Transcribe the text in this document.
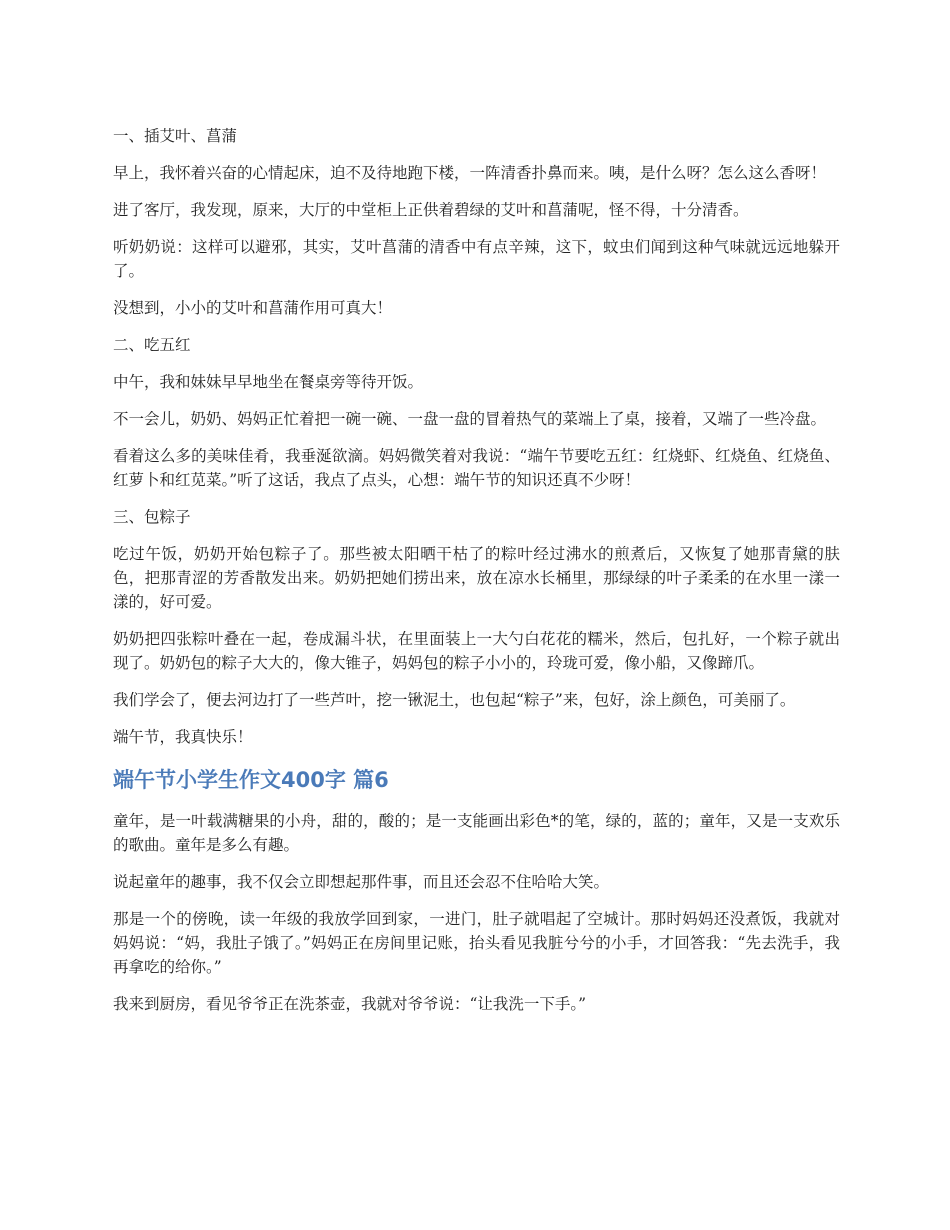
一、插艾叶、菖蒲

早上，我怀着兴奋的心情起床，迫不及待地跑下楼，一阵清香扑鼻而来。咦，是什么呀？怎么这么香呀！

进了客厅，我发现，原来，大厅的中堂柜上正供着碧绿的艾叶和菖蒲呢，怪不得，十分清香。

听奶奶说：这样可以避邪，其实，艾叶菖蒲的清香中有点辛辣，这下，蚊虫们闻到这种气味就远远地躲开了。

没想到，小小的艾叶和菖蒲作用可真大！

二、吃五红

中午，我和妹妹早早地坐在餐桌旁等待开饭。

不一会儿，奶奶、妈妈正忙着把一碗一碗、一盘一盘的冒着热气的菜端上了桌，接着，又端了一些冷盘。

看着这么多的美味佳肴，我垂涎欲滴。妈妈微笑着对我说：“端午节要吃五红：红烧虾、红烧鱼、红烧鱼、红萝卜和红苋菜。”听了这话，我点了点头，心想：端午节的知识还真不少呀！

三、包粽子

吃过午饭，奶奶开始包粽子了。那些被太阳晒干枯了的粽叶经过沸水的煎煮后，又恢复了她那青黛的肤色，把那青涩的芳香散发出来。奶奶把她们捞出来，放在凉水长桶里，那绿绿的叶子柔柔的在水里一漾一漾的，好可爱。

奶奶把四张粽叶叠在一起，卷成漏斗状，在里面装上一大勺白花花的糯米，然后，包扎好，一个粽子就出现了。奶奶包的粽子大大的，像大锥子，妈妈包的粽子小小的，玲珑可爱，像小船，又像蹄爪。

我们学会了，便去河边打了一些芦叶，挖一锹泥土，也包起“粽子”来，包好，涂上颜色，可美丽了。

端午节，我真快乐！

端午节小学生作文400字 篇6

童年，是一叶载满糖果的小舟，甜的，酸的；是一支能画出彩色*的笔，绿的，蓝的；童年，又是一支欢乐的歌曲。童年是多么有趣。

说起童年的趣事，我不仅会立即想起那件事，而且还会忍不住哈哈大笑。

那是一个的傍晚，读一年级的我放学回到家，一进门，肚子就唱起了空城计。那时妈妈还没煮饭，我就对妈妈说：“妈，我肚子饿了。”妈妈正在房间里记账，抬头看见我脏兮兮的小手，才回答我：“先去洗手，我再拿吃的给你。”

我来到厨房，看见爷爷正在洗茶壶，我就对爷爷说：“让我洗一下手。”
